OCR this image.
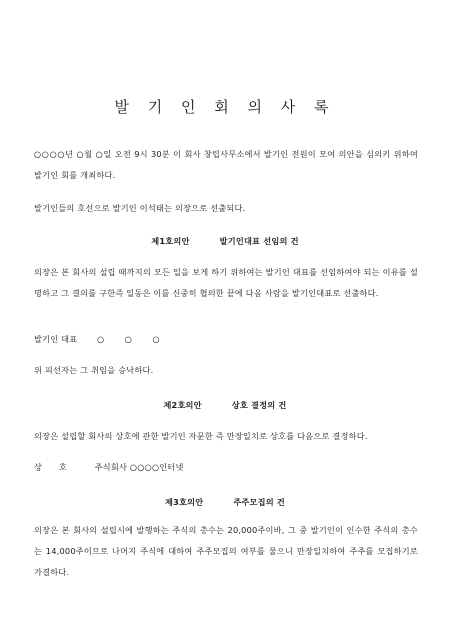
발 기 인 회 의 사 록
○○○○년 ○월 ○일 오전 9시 30분 이 회사 창립사무소에서 발기인 전원이 모여 의안을 심의키 위하여 발기인 회를 개최하다.
발기인들의 호선으로 발기인 이석태는 의장으로 선출되다.
제1호의안	발기인대표 선임의 건
의장은 본 회사의 설립 때까지의 모든 일을 보게 하기 위하여는 발기인 대표를 선임하여야 되는 이유를 설명하고 그 결의를 구한즉 일동은 이를 신중히 협의한 끝에 다음 사람을 발기인대표로 선출하다.
발기인 대표 ○ ○ ○
위 피선자는 그 취임을 승낙하다.
제2호의안	상호 결정의 건
의장은 설립할 회사의 상호에 관한 발기인 자문한 즉 만장일치로 상호를 다음으로 결정하다.
상      호	주식회사 ○○○○인터넷
제3호의안	주주모집의 건
의장은 본 회사의 설립시에 발행하는 주식의 총수는 20,000주이바, 그 중 발기인이 인수한 주식의 총수는 14,000주이므로 나머지 주식에 대하여 주주모집의 여부를 물으니 만장일치하여 주주를 모집하기로 가결하다.
